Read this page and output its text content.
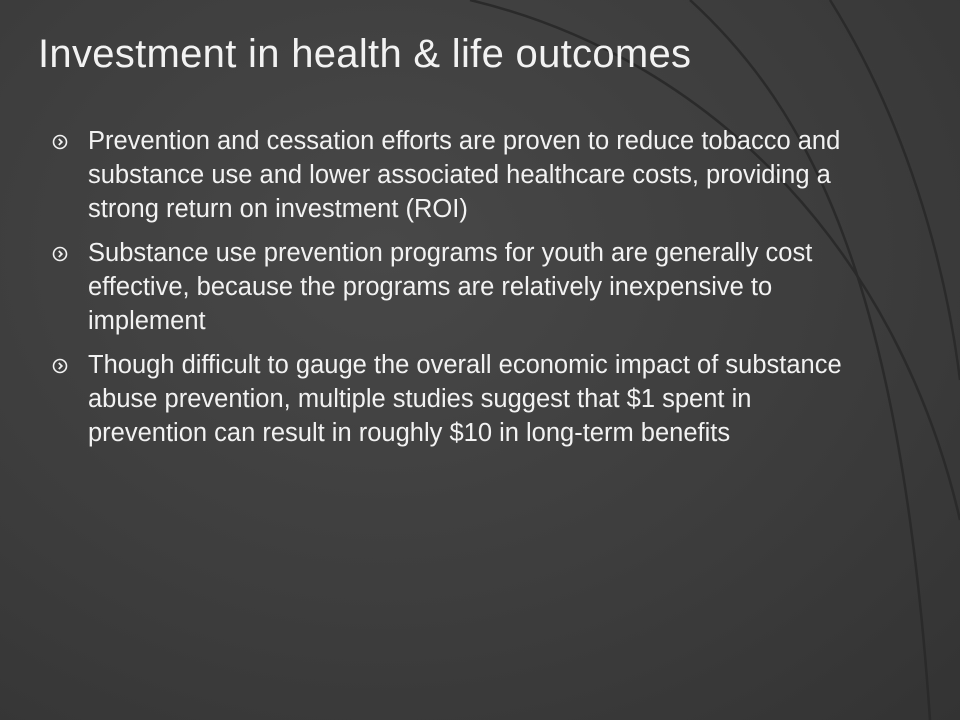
Investment in health & life outcomes
Prevention and cessation efforts are proven to reduce tobacco and substance use and lower associated healthcare costs, providing a strong return on investment (ROI)
Substance use prevention programs for youth are generally cost effective, because the programs are relatively inexpensive to implement
Though difficult to gauge the overall economic impact of substance abuse prevention, multiple studies suggest that $1 spent in prevention can result in roughly $10 in long-term benefits
